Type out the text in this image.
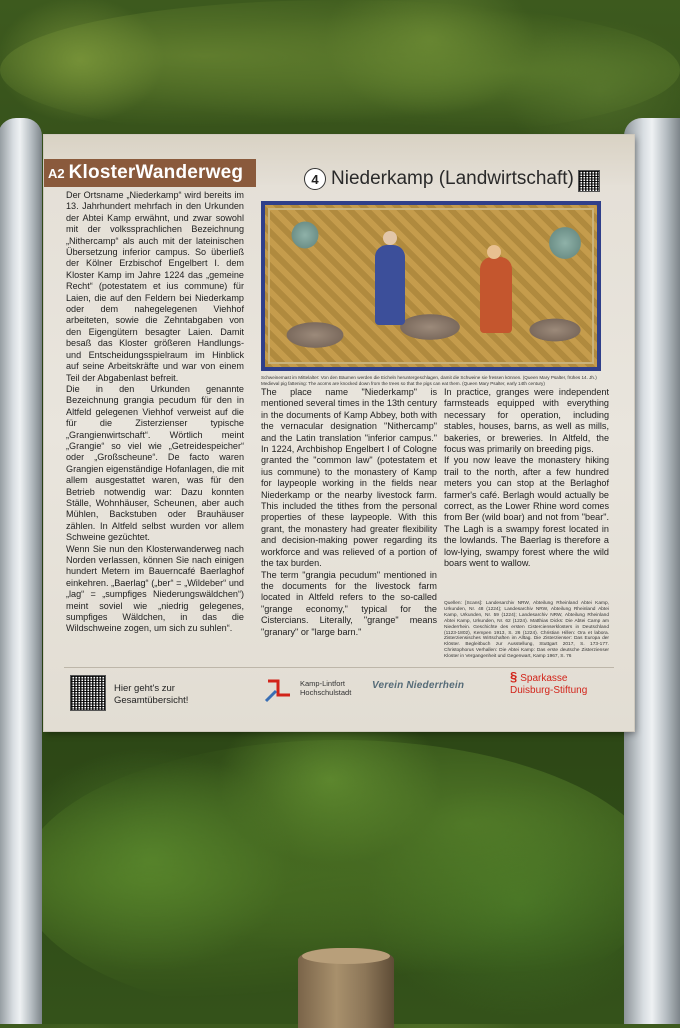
A2 KlosterWanderweg	4 Niederkamp (Landwirtschaft)
Schweinemast im Mittelalter: Von den Bäumen werden die Eicheln heruntergeschlagen, damit die Schweine sie fressen können. (Queen Mary Psalter, frühes 14. Jh.) Medieval pig fattening: The acorns are knocked down from the trees so that the pigs can eat them. (Queen Mary Psalter, early 14th century)

Der Ortsname „Niederkamp“ wird bereits im 13. Jahrhundert mehrfach in den Urkunden der Abtei Kamp erwähnt, und zwar sowohl mit der volkssprachlichen Bezeichnung „Nithercamp“ als auch mit der lateinischen Übersetzung inferior campus. So überließ der Kölner Erzbischof Engelbert I. dem Kloster Kamp im Jahre 1224 das „gemeine Recht“ (potestatem et ius commune) für Laien, die auf den Feldern bei Niederkamp oder dem nahegelegenen Viehhof arbeiteten, sowie die Zehntabgaben von den Eigengütern besagter Laien. Damit besaß das Kloster größeren Handlungs- und Entscheidungsspielraum im Hinblick auf seine Arbeitskräfte und war von einem Teil der Abgabenlast befreit.

Die in den Urkunden genannte Bezeichnung grangia pecudum für den in Altfeld gelegenen Viehhof verweist auf die für die Zisterzienser typische „Grangienwirtschaft“. Wörtlich meint „Grangie“ so viel wie „Getreidespeicher“ oder „Großscheune“. De facto waren Grangien eigenständige Hofanlagen, die mit allem ausgestattet waren, was für den Betrieb notwendig war: Dazu konnten Ställe, Wohnhäuser, Scheunen, aber auch Mühlen, Backstuben oder Brauhäuser zählen. In Altfeld selbst wurden vor allem Schweine gezüchtet.

Wenn Sie nun den Klosterwanderweg nach Norden verlassen, können Sie nach einigen hundert Metern im Bauerncafé Baerlaghof einkehren. „Baerlag“ („ber“ = „Wildeber“ und „lag“ = „sumpfiges Niederungswäldchen“) meint soviel wie „niedrig gelegenes, sumpfiges Wäldchen, in das die Wildschweine zogen, um sich zu suhlen“.

The place name "Niederkamp" is mentioned several times in the 13th century in the documents of Kamp Abbey, both with the vernacular designation "Nithercamp" and the Latin translation "inferior campus." In 1224, Archbishop Engelbert I of Cologne granted the "common law" (potestatem et ius commune) to the monastery of Kamp for laypeople working in the fields near Niederkamp or the nearby livestock farm. This included the tithes from the personal properties of these laypeople. With this grant, the monastery had greater flexibility and decision-making power regarding its workforce and was relieved of a portion of the tax burden.

The term "grangia pecudum" mentioned in the documents for the livestock farm located in Altfeld refers to the so-called "grange economy," typical for the Cistercians. Literally, "grange" means "granary" or "large barn."

In practice, granges were independent farmsteads equipped with everything necessary for operation, including stables, houses, barns, as well as mills, bakeries, or breweries. In Altfeld, the focus was primarily on breeding pigs.

If you now leave the monastery hiking trail to the north, after a few hundred meters you can stop at the Berlaghof farmer's café. Berlagh would actually be correct, as the Lower Rhine word comes from Ber (wild boar) and not from "bear". The Lagh is a swampy forest located in the lowlands. The Baerlag is therefore a low-lying, swampy forest where the wild boars went to wallow.

Quellen: [Scans]: Landesarchiv NRW, Abteilung Rheinland Abtei Kamp, Urkunden, Nr. 48 (1224); Landesarchiv NRW, Abteilung Rheinland Abtei Kamp, Urkunden, Nr. 59 (1224); Landesarchiv NRW, Abteilung Rheinland Abtei Kamp, Urkunden, Nr. 62 (1224). Matthias Dicks: Die Abtei Camp am Niederrhein. Geschichte des ersten Cistercienserklosters in Deutschland (1123-1802), Kempen 1913, S. 26 (1224). Christian Hillen: Ora et labora. Zisterziensisches Wirtschaften im Alltag. Die Zisterzienser: Das Europa der Klöster. Begleitbuch zur Ausstellung, Stuttgart 2017, S. 173-177. Christophorus Verhallen: Die Abtei Kamp: Das erste deutsche Zisterzienser Kloster in Vergangenheit und Gegenwart, Kamp 1967, S. 76
Hier geht's zur Gesamtübersicht!
Kamp-Lintfort
Hochschulstadt
Verein Niederrhein
§ Sparkasse
Duisburg-Stiftung
